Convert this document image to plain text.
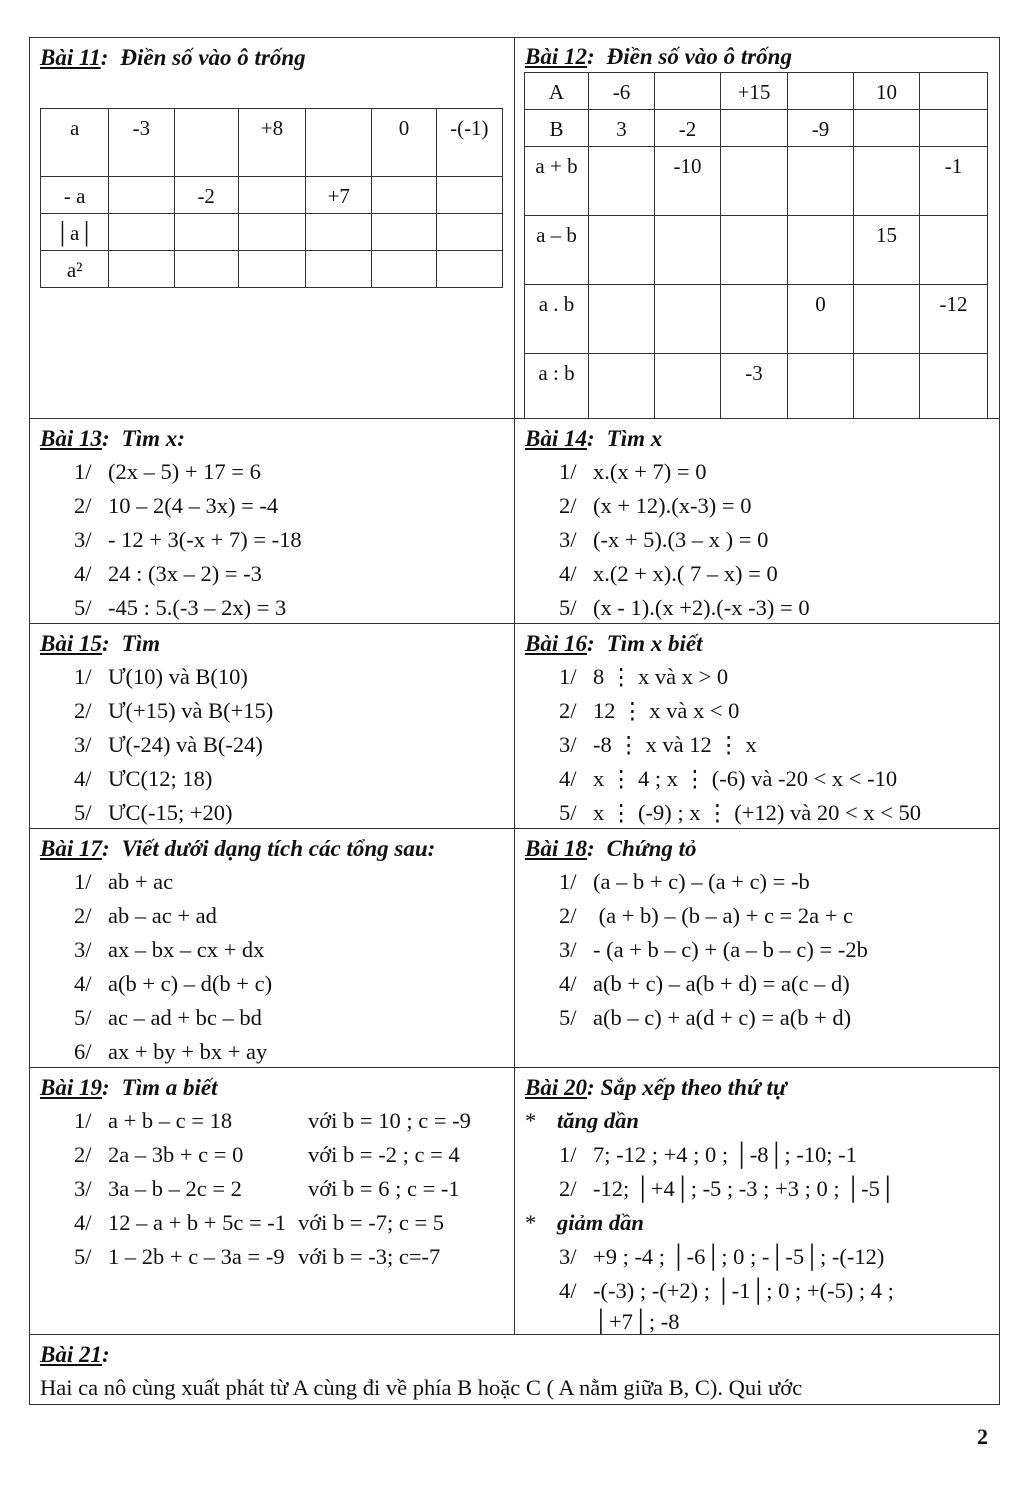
Bài 11: Điền số vào ô trống
a	-3		+8		0	-(-1)
- a		-2		+7		
│a│						
a²						

Bài 12: Điền số vào ô trống
A	-6		+15		10	
B	3	-2		-9		
a + b		-10				-1
a – b					15	
a . b				0		-12
a : b			-3			

Bài 13: Tìm x:
1/ (2x – 5) + 17 = 6
2/ 10 – 2(4 – 3x) = -4
3/ - 12 + 3(-x + 7) = -18
4/ 24 : (3x – 2) = -3
5/ -45 : 5.(-3 – 2x) = 3

Bài 14: Tìm x
1/ x.(x + 7) = 0
2/ (x + 12).(x-3) = 0
3/ (-x + 5).(3 – x ) = 0
4/ x.(2 + x).( 7 – x) = 0
5/ (x - 1).(x +2).(-x -3) = 0

Bài 15: Tìm
1/ Ư(10) và B(10)
2/ Ư(+15) và B(+15)
3/ Ư(-24) và B(-24)
4/ ƯC(12; 18)
5/ ƯC(-15; +20)

Bài 16: Tìm x biết
1/ 8 ⋮ x và x > 0
2/ 12 ⋮ x và x < 0
3/ -8 ⋮ x và 12 ⋮ x
4/ x ⋮ 4 ; x ⋮ (-6) và -20 < x < -10
5/ x ⋮ (-9) ; x ⋮ (+12) và 20 < x < 50

Bài 17: Viết dưới dạng tích các tổng sau:
1/ ab + ac
2/ ab – ac + ad
3/ ax – bx – cx + dx
4/ a(b + c) – d(b + c)
5/ ac – ad + bc – bd
6/ ax + by + bx + ay

Bài 18: Chứng tỏ
1/ (a – b + c) – (a + c) = -b
2/ (a + b) – (b – a) + c = 2a + c
3/ - (a + b – c) + (a – b – c) = -2b
4/ a(b + c) – a(b + d) = a(c – d)
5/ a(b – c) + a(d + c) = a(b + d)

Bài 19: Tìm a biết
1/ a + b – c = 18	với b = 10 ; c = -9
2/ 2a – 3b + c = 0	với b = -2 ; c = 4
3/ 3a – b – 2c = 2	với b = 6 ; c = -1
4/ 12 – a + b + 5c = -1 với b = -7; c = 5
5/ 1 – 2b + c – 3a = -9 với b = -3; c=-7

Bài 20: Sắp xếp theo thứ tự
* tăng dần
1/ 7; -12 ; +4 ; 0 ; │-8│; -10; -1
2/ -12; │+4│; -5 ; -3 ; +3 ; 0 ; │-5│
* giảm dần
3/ +9 ; -4 ; │-6│; 0 ; -│-5│; -(-12)
4/ -(-3) ; -(+2) ; │-1│; 0 ; +(-5) ; 4 ;
│+7│; -8

Bài 21:
Hai ca nô cùng xuất phát từ A cùng đi về phía B hoặc C ( A nằm giữa B, C). Qui ước
2
